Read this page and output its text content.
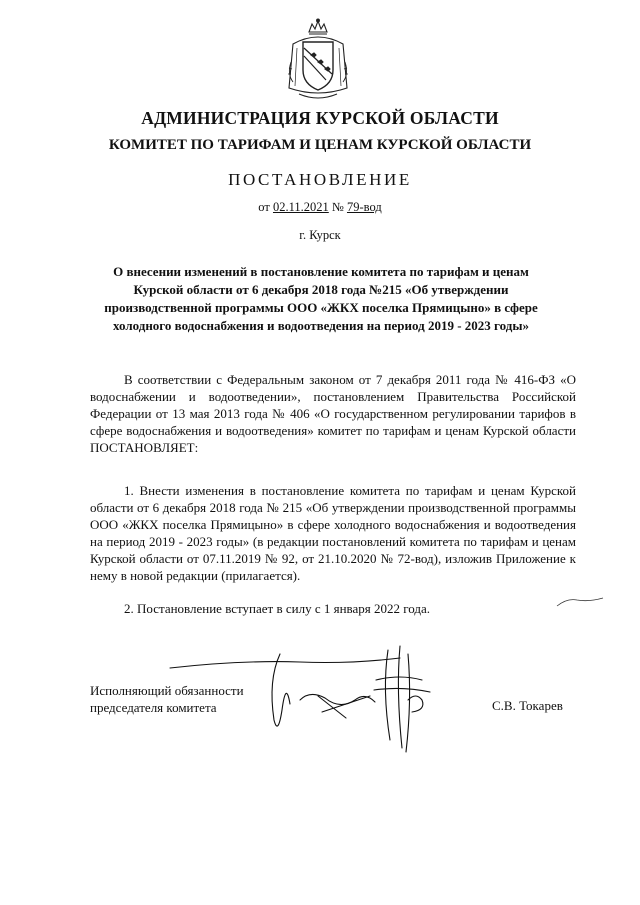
АДМИНИСТРАЦИЯ КУРСКОЙ ОБЛАСТИ
КОМИТЕТ ПО ТАРИФАМ И ЦЕНАМ КУРСКОЙ ОБЛАСТИ
ПОСТАНОВЛЕНИЕ
от 02.11.2021 № 79-вод
г. Курск
О внесении изменений в постановление комитета по тарифам и ценам Курской области от 6 декабря 2018 года №215 «Об утверждении производственной программы ООО «ЖКХ поселка Прямицыно» в сфере холодного водоснабжения и водоотведения на период 2019 - 2023 годы»
В соответствии с Федеральным законом от 7 декабря 2011 года № 416-ФЗ «О водоснабжении и водоотведении», постановлением Правительства Российской Федерации от 13 мая 2013 года № 406 «О государственном регулировании тарифов в сфере водоснабжения и водоотведения» комитет по тарифам и ценам Курской области ПОСТАНОВЛЯЕТ:
1. Внести изменения в постановление комитета по тарифам и ценам Курской области от 6 декабря 2018 года № 215 «Об утверждении производственной программы ООО «ЖКХ поселка Прямицыно» в сфере холодного водоснабжения и водоотведения на период 2019 - 2023 годы» (в редакции постановлений комитета по тарифам и ценам Курской области от 07.11.2019 № 92, от 21.10.2020 № 72-вод), изложив Приложение к нему в новой редакции (прилагается).
2. Постановление вступает в силу с 1 января 2022 года.
Исполняющий обязанности
председателя комитета	С.В. Токарев
